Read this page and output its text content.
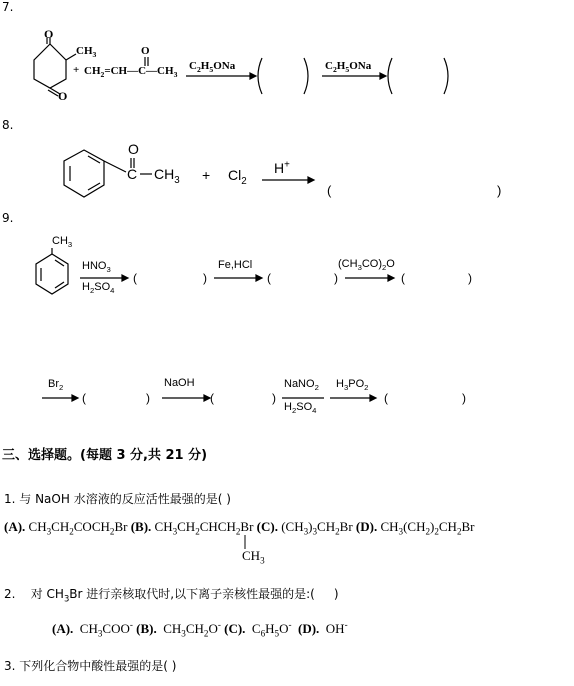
7.
O
O
$CH_3$
+
O
$CH_2=CH—C—CH_3$
$C_2H_5ONa$	$C_2H_5ONa$
8.
O
C $CH_3 + Cl_2$
H+
(	)
9.
$CH_3$
$HNO_3$
$H_2SO_4$
(	)
Fe,HCl
(	)
$(CH_3CO)_2O$
(	)
$Br_2$
(	)
NaOH
(	)
NaNO$_2$
$H_2SO_4$
$H_3PO_2$
(	)
三、选择题。(每题 3 分,共 21 分)
1. 与 NaOH 水溶液的反应活性最强的是( )
(A). $CH_3CH_2COCH_2Br$ (B). $CH_3CH_2CHCH_2Br$ (C). $(CH_3)_3CH_2Br$ (D). $CH_3(CH_2)_2CH_2Br$
$CH_3$
2.    对 $CH_3Br$ 进行亲核取代时,以下离子亲核性最强的是:(     )
(A). $CH_3COO^-$ (B). $CH_3CH_2O^-$ (C). $C_6H_5O^-$ (D). OH-
3. 下列化合物中酸性最强的是( )
